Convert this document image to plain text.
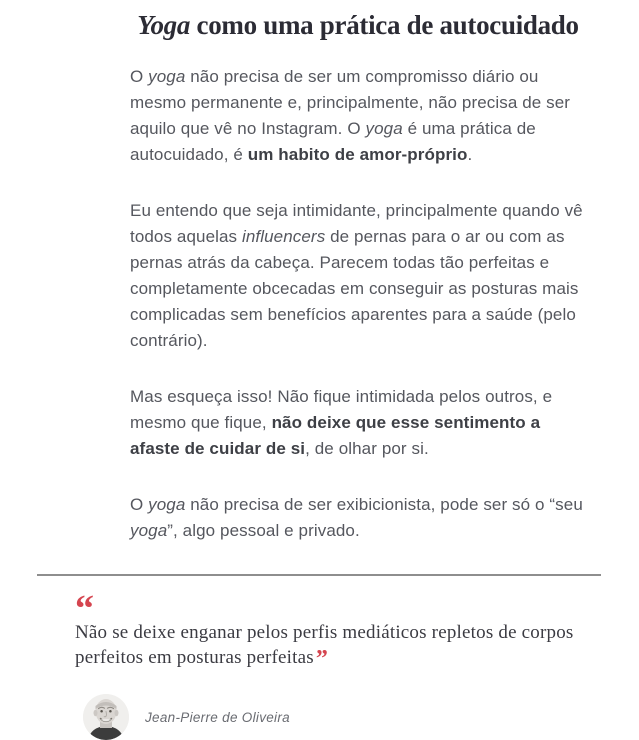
Yoga como uma prática de autocuidado

O yoga não precisa de ser um compromisso diário ou mesmo permanente e, principalmente, não precisa de ser aquilo que vê no Instagram. O yoga é uma prática de autocuidado, é um habito de amor-próprio.

Eu entendo que seja intimidante, principalmente quando vê todos aquelas influencers de pernas para o ar ou com as pernas atrás da cabeça. Parecem todas tão perfeitas e completamente obcecadas em conseguir as posturas mais complicadas sem benefícios aparentes para a saúde (pelo contrário).

Mas esqueça isso! Não fique intimidada pelos outros, e mesmo que fique, não deixe que esse sentimento a afaste de cuidar de si, de olhar por si.

O yoga não precisa de ser exibicionista, pode ser só o “seu yoga”, algo pessoal e privado.

“
Não se deixe enganar pelos perfis mediáticos repletos de corpos perfeitos em posturas perfeitas”
Jean-Pierre de Oliveira
